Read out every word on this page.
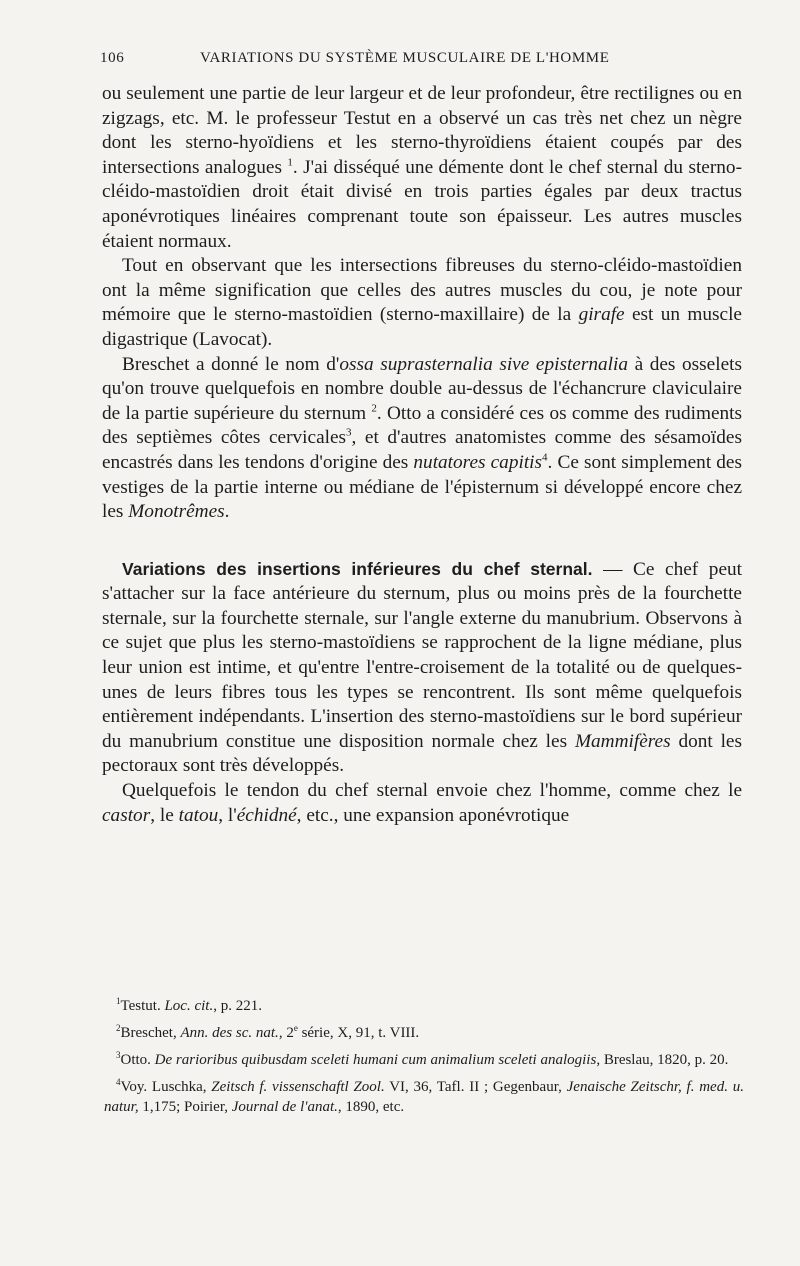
106	VARIATIONS DU SYSTÈME MUSCULAIRE DE L'HOMME

ou seulement une partie de leur largeur et de leur profondeur, être rectilignes ou en zigzags, etc. M. le professeur Testut en a observé un cas très net chez un nègre dont les sterno-hyoïdiens et les sterno-thyroïdiens étaient coupés par des intersections analogues $^1$. J'ai disséqué une démente dont le chef sternal du sterno-cléido-mastoïdien droit était divisé en trois parties égales par deux tractus aponévrotiques linéaires comprenant toute son épaisseur. Les autres muscles étaient normaux.

Tout en observant que les intersections fibreuses du sterno-cléido-mastoïdien ont la même signification que celles des autres muscles du cou, je note pour mémoire que le sterno-mastoïdien (sterno-maxillaire) de la girafe est un muscle digastrique (Lavocat).

Breschet a donné le nom d'ossa suprasternalia sive episternalia à des osselets qu'on trouve quelquefois en nombre double au-dessus de l'échancrure claviculaire de la partie supérieure du sternum $^2$. Otto a considéré ces os comme des rudiments des septièmes côtes cervicales$^3$, et d'autres anatomistes comme des sésamoïdes encastrés dans les tendons d'origine des nutatores capitis$^4$. Ce sont simplement des vestiges de la partie interne ou médiane de l'épisternum si développé encore chez les Monotrêmes.

Variations des insertions inférieures du chef sternal. — Ce chef peut s'attacher sur la face antérieure du sternum, plus ou moins près de la fourchette sternale, sur la fourchette sternale, sur l'angle externe du manubrium. Observons à ce sujet que plus les sterno-mastoïdiens se rapprochent de la ligne médiane, plus leur union est intime, et qu'entre l'entre-croisement de la totalité ou de quelques-unes de leurs fibres tous les types se rencontrent. Ils sont même quelquefois entièrement indépendants. L'insertion des sterno-mastoïdiens sur le bord supérieur du manubrium constitue une disposition normale chez les Mammifères dont les pectoraux sont très développés.

Quelquefois le tendon du chef sternal envoie chez l'homme, comme chez le castor, le tatou, l'échidné, etc., une expansion aponévrotique

$^1$Testut. Loc. cit., p. 221.

$^2$Breschet, Ann. des sc. nat., 2e série, X, 91, t. VIII.

$^3$Otto. De rarioribus quibusdam sceleti humani cum animalium sceleti analogiis, Breslau, 1820, p. 20.

$^4$Voy. Luschka, Zeitsch f. vissenschaftl Zool. VI, 36, Tafl. II ; Gegenbaur, Jenaische Zeitschr, f. med. u. natur, 1,175; Poirier, Journal de l'anat., 1890, etc.
